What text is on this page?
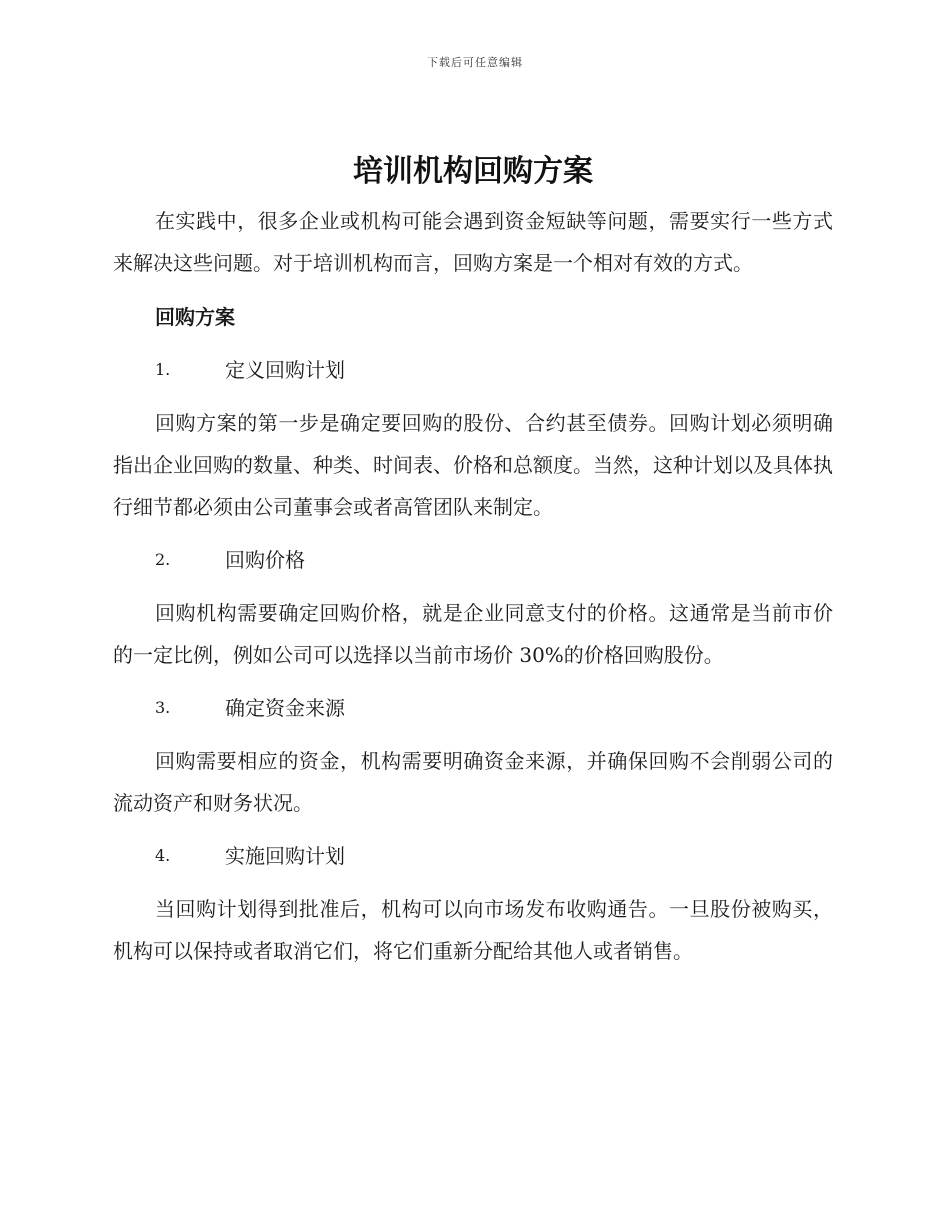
下载后可任意编辑
培训机构回购方案

在实践中，很多企业或机构可能会遇到资金短缺等问题，需要实行一些方式来解决这些问题。对于培训机构而言，回购方案是一个相对有效的方式。

回购方案
1.	定义回购计划

回购方案的第一步是确定要回购的股份、合约甚至债券。回购计划必须明确指出企业回购的数量、种类、时间表、价格和总额度。当然，这种计划以及具体执行细节都必须由公司董事会或者高管团队来制定。

2.	回购价格

回购机构需要确定回购价格，就是企业同意支付的价格。这通常是当前市价的一定比例，例如公司可以选择以当前市场价 30%的价格回购股份。

3.	确定资金来源

回购需要相应的资金，机构需要明确资金来源，并确保回购不会削弱公司的流动资产和财务状况。

4.	实施回购计划

当回购计划得到批准后，机构可以向市场发布收购通告。一旦股份被购买，机构可以保持或者取消它们，将它们重新分配给其他人或者销售。
